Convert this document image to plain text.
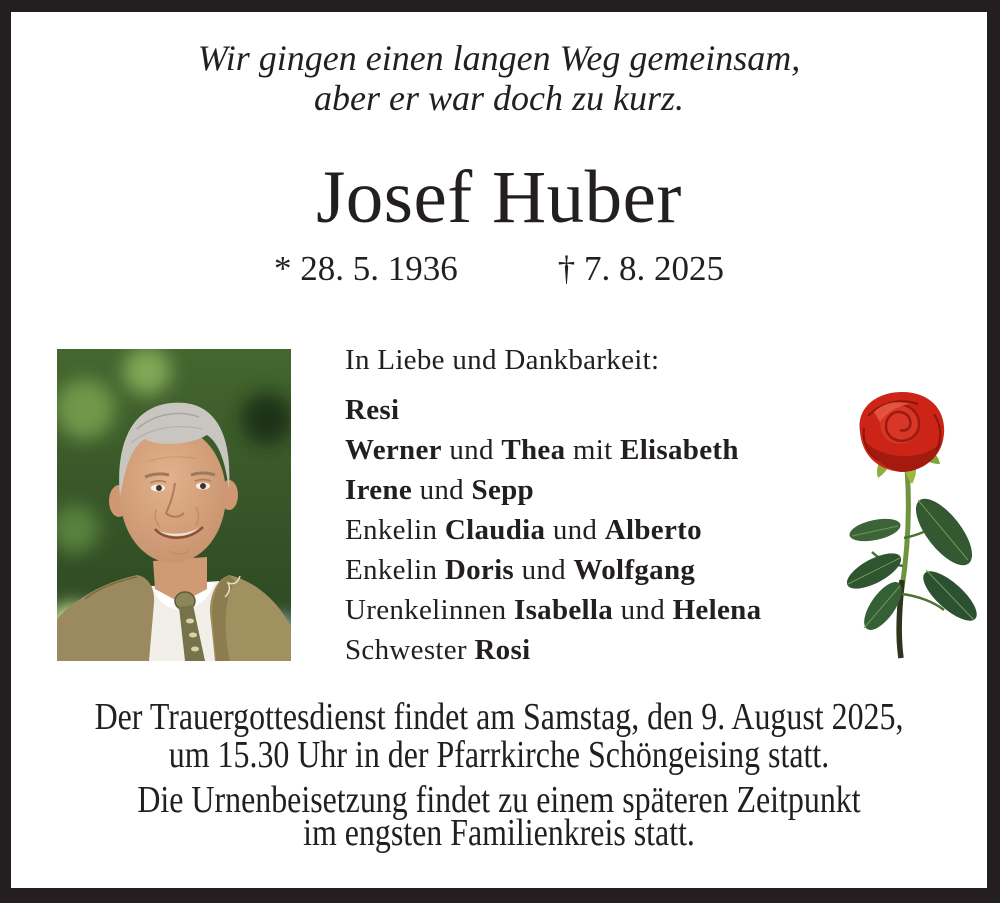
Wir gingen einen langen Weg gemeinsam,
aber er war doch zu kurz.
Josef Huber
* 28. 5. 1936	† 7. 8. 2025
In Liebe und Dankbarkeit:
Resi
Werner und Thea mit Elisabeth
Irene und Sepp
Enkelin Claudia und Alberto
Enkelin Doris und Wolfgang
Urenkelinnen Isabella und Helena
Schwester Rosi
Der Trauergottesdienst findet am Samstag, den 9. August 2025,
um 15.30 Uhr in der Pfarrkirche Schöngeising statt.
Die Urnenbeisetzung findet zu einem späteren Zeitpunkt
im engsten Familienkreis statt.
